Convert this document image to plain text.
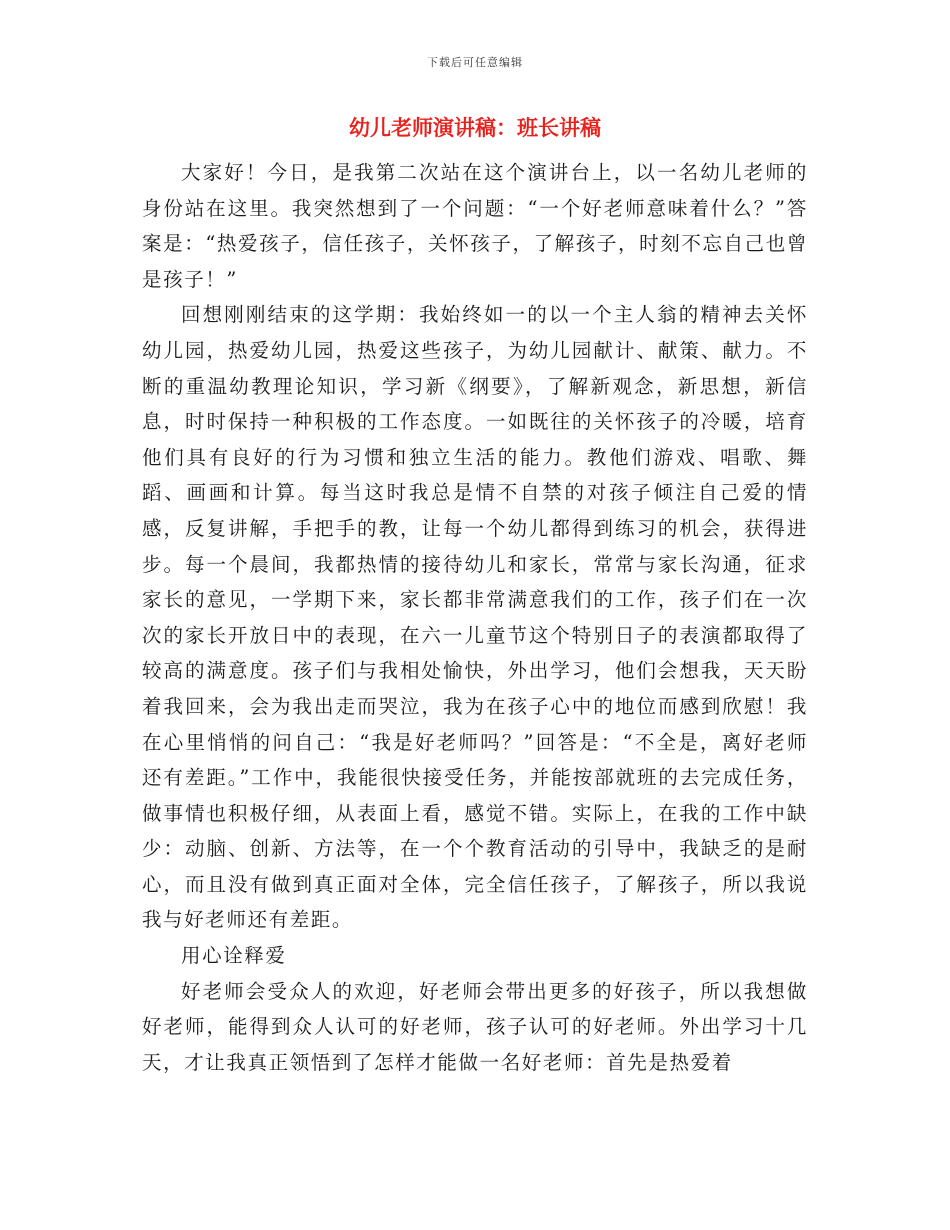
下载后可任意编辑
幼儿老师演讲稿：班长讲稿

大家好！今日，是我第二次站在这个演讲台上，以一名幼儿老师的身份站在这里。我突然想到了一个问题：“一个好老师意味着什么？”答案是：“热爱孩子，信任孩子，关怀孩子，了解孩子，时刻不忘自己也曾是孩子！”

回想刚刚结束的这学期：我始终如一的以一个主人翁的精神去关怀幼儿园，热爱幼儿园，热爱这些孩子，为幼儿园献计、献策、献力。不断的重温幼教理论知识，学习新《纲要》，了解新观念，新思想，新信息，时时保持一种积极的工作态度。一如既往的关怀孩子的冷暖，培育他们具有良好的行为习惯和独立生活的能力。教他们游戏、唱歌、舞蹈、画画和计算。每当这时我总是情不自禁的对孩子倾注自己爱的情感，反复讲解，手把手的教，让每一个幼儿都得到练习的机会，获得进步。每一个晨间，我都热情的接待幼儿和家长，常常与家长沟通，征求家长的意见，一学期下来，家长都非常满意我们的工作，孩子们在一次次的家长开放日中的表现，在六一儿童节这个特别日子的表演都取得了较高的满意度。孩子们与我相处愉快，外出学习，他们会想我，天天盼着我回来，会为我出走而哭泣，我为在孩子心中的地位而感到欣慰！我在心里悄悄的问自己：“我是好老师吗？”回答是：“不全是，离好老师还有差距。”工作中，我能很快接受任务，并能按部就班的去完成任务，做事情也积极仔细，从表面上看，感觉不错。实际上，在我的工作中缺少：动脑、创新、方法等，在一个个教育活动的引导中，我缺乏的是耐心，而且没有做到真正面对全体，完全信任孩子，了解孩子，所以我说我与好老师还有差距。

用心诠释爱

好老师会受众人的欢迎，好老师会带出更多的好孩子，所以我想做好老师，能得到众人认可的好老师，孩子认可的好老师。外出学习十几天，才让我真正领悟到了怎样才能做一名好老师：首先是热爱着
